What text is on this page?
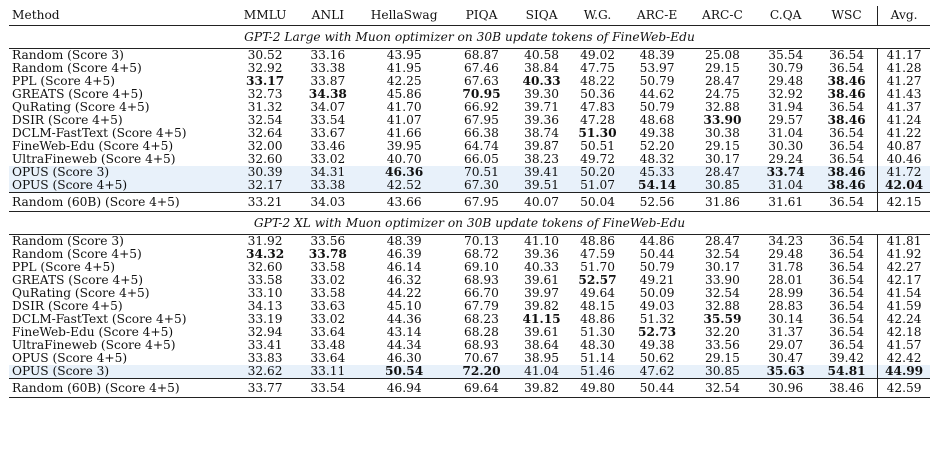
Method	MMLU	ANLI	HellaSwag	PIQA	SIQA	W.G.	ARC-E	ARC-C	C.QA	WSC	Avg.
GPT-2 Large with Muon optimizer on 30B update tokens of FineWeb-Edu											
Random (Score 3)	30.52	33.16	43.95	68.87	40.58	49.02	48.39	25.08	35.54	36.54	41.17
Random (Score 4+5)	32.92	33.38	41.95	67.46	38.84	47.75	53.97	29.15	30.79	36.54	41.28
PPL (Score 4+5)	33.17	33.87	42.25	67.63	40.33	48.22	50.79	28.47	29.48	38.46	41.27
GREATS (Score 4+5)	32.73	34.38	45.86	70.95	39.30	50.36	44.62	24.75	32.92	38.46	41.43
QuRating (Score 4+5)	31.32	34.07	41.70	66.92	39.71	47.83	50.79	32.88	31.94	36.54	41.37
DSIR (Score 4+5)	32.54	33.54	41.07	67.95	39.36	47.28	48.68	33.90	29.57	38.46	41.24
DCLM-FastText (Score 4+5)	32.64	33.67	41.66	66.38	38.74	51.30	49.38	30.38	31.04	36.54	41.22
FineWeb-Edu (Score 4+5)	32.00	33.46	39.95	64.74	39.87	50.51	52.20	29.15	30.30	36.54	40.87
UltraFineweb (Score 4+5)	32.60	33.02	40.70	66.05	38.23	49.72	48.32	30.17	29.24	36.54	40.46
OPUS (Score 3)	30.39	34.31	46.36	70.51	39.41	50.20	45.33	28.47	33.74	38.46	41.72
OPUS (Score 4+5)	32.17	33.38	42.52	67.30	39.51	51.07	54.14	30.85	31.04	38.46	42.04
Random (60B) (Score 4+5)	33.21	34.03	43.66	67.95	40.07	50.04	52.56	31.86	31.61	36.54	42.15
GPT-2 XL with Muon optimizer on 30B update tokens of FineWeb-Edu											
Random (Score 3)	31.92	33.56	48.39	70.13	41.10	48.86	44.86	28.47	34.23	36.54	41.81
Random (Score 4+5)	34.32	33.78	46.39	68.72	39.36	47.59	50.44	32.54	29.48	36.54	41.92
PPL (Score 4+5)	32.60	33.58	46.14	69.10	40.33	51.70	50.79	30.17	31.78	36.54	42.27
GREATS (Score 4+5)	33.58	33.02	46.32	68.93	39.61	52.57	49.21	33.90	28.01	36.54	42.17
QuRating (Score 4+5)	33.10	33.58	44.22	66.70	39.97	49.64	50.09	32.54	28.99	36.54	41.54
DSIR (Score 4+5)	34.13	33.63	45.10	67.79	39.82	48.15	49.03	32.88	28.83	36.54	41.59
DCLM-FastText (Score 4+5)	33.19	33.02	44.36	68.23	41.15	48.86	51.32	35.59	30.14	36.54	42.24
FineWeb-Edu (Score 4+5)	32.94	33.64	43.14	68.28	39.61	51.30	52.73	32.20	31.37	36.54	42.18
UltraFineweb (Score 4+5)	33.41	33.48	44.34	68.93	38.64	48.30	49.38	33.56	29.07	36.54	41.57
OPUS (Score 4+5)	33.83	33.64	46.30	70.67	38.95	51.14	50.62	29.15	30.47	39.42	42.42
OPUS (Score 3)	32.62	33.11	50.54	72.20	41.04	51.46	47.62	30.85	35.63	54.81	44.99
Random (60B) (Score 4+5)	33.77	33.54	46.94	69.64	39.82	49.80	50.44	32.54	30.96	38.46	42.59
